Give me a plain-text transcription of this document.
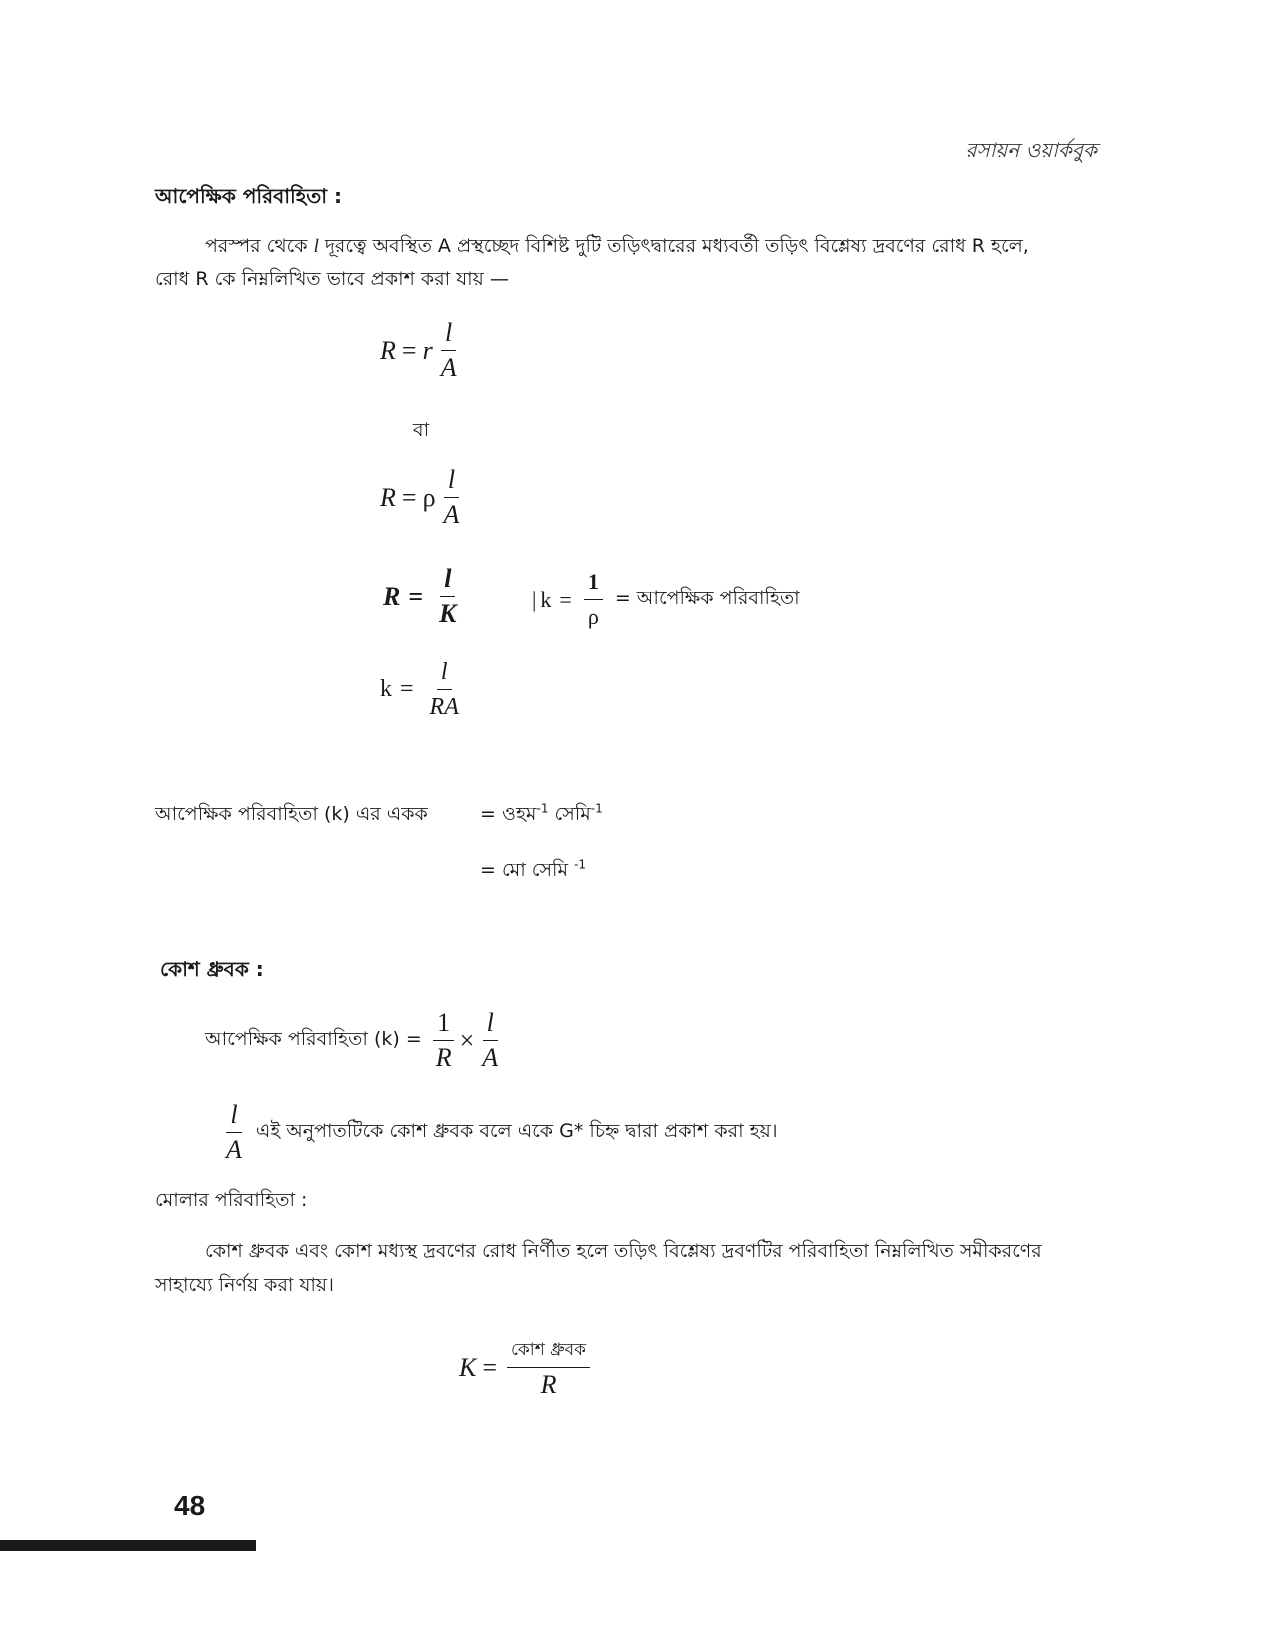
রসায়ন ওয়ার্কবুক
আপেক্ষিক পরিবাহিতা :
পরস্পর থেকে l দূরত্বে অবস্থিত A প্রস্থচ্ছেদ বিশিষ্ট দুটি তড়িৎদ্বারের মধ্যবর্তী তড়িৎ বিশ্লেষ্য দ্রবণের রোধ R হলে,
রোধ R কে নিম্নলিখিত ভাবে প্রকাশ করা যায় —
R = r $\frac{l}{A}$
বা
R = ρ $\frac{l}{A}$
$R = \frac{l}{K}$	| $k = \frac{1}{\rho}$ = আপেক্ষিক পরিবাহিতা
$k = \frac{l}{RA}$
আপেক্ষিক পরিবাহিতা (k) এর একক	= ওহম$^{-1}$ সেমি$^{-1}$
= মো সেমি $^{-1}$
কোশ ধ্রুবক :
আপেক্ষিক পরিবাহিতা $(k) = \frac{1}{R} \times \frac{l}{A}$
$\frac{l}{A}$ এই অনুপাতটিকে কোশ ধ্রুবক বলে একে G* চিহ্ন দ্বারা প্রকাশ করা হয়।
মোলার পরিবাহিতা :
কোশ ধ্রুবক এবং কোশ মধ্যস্থ দ্রবণের রোধ নির্ণীত হলে তড়িৎ বিশ্লেষ্য দ্রবণটির পরিবাহিতা নিম্নলিখিত সমীকরণের
সাহায্যে নির্ণয় করা যায়।
$K = \frac{\text{কোশ ধ্রুবক}}{R}$
48
